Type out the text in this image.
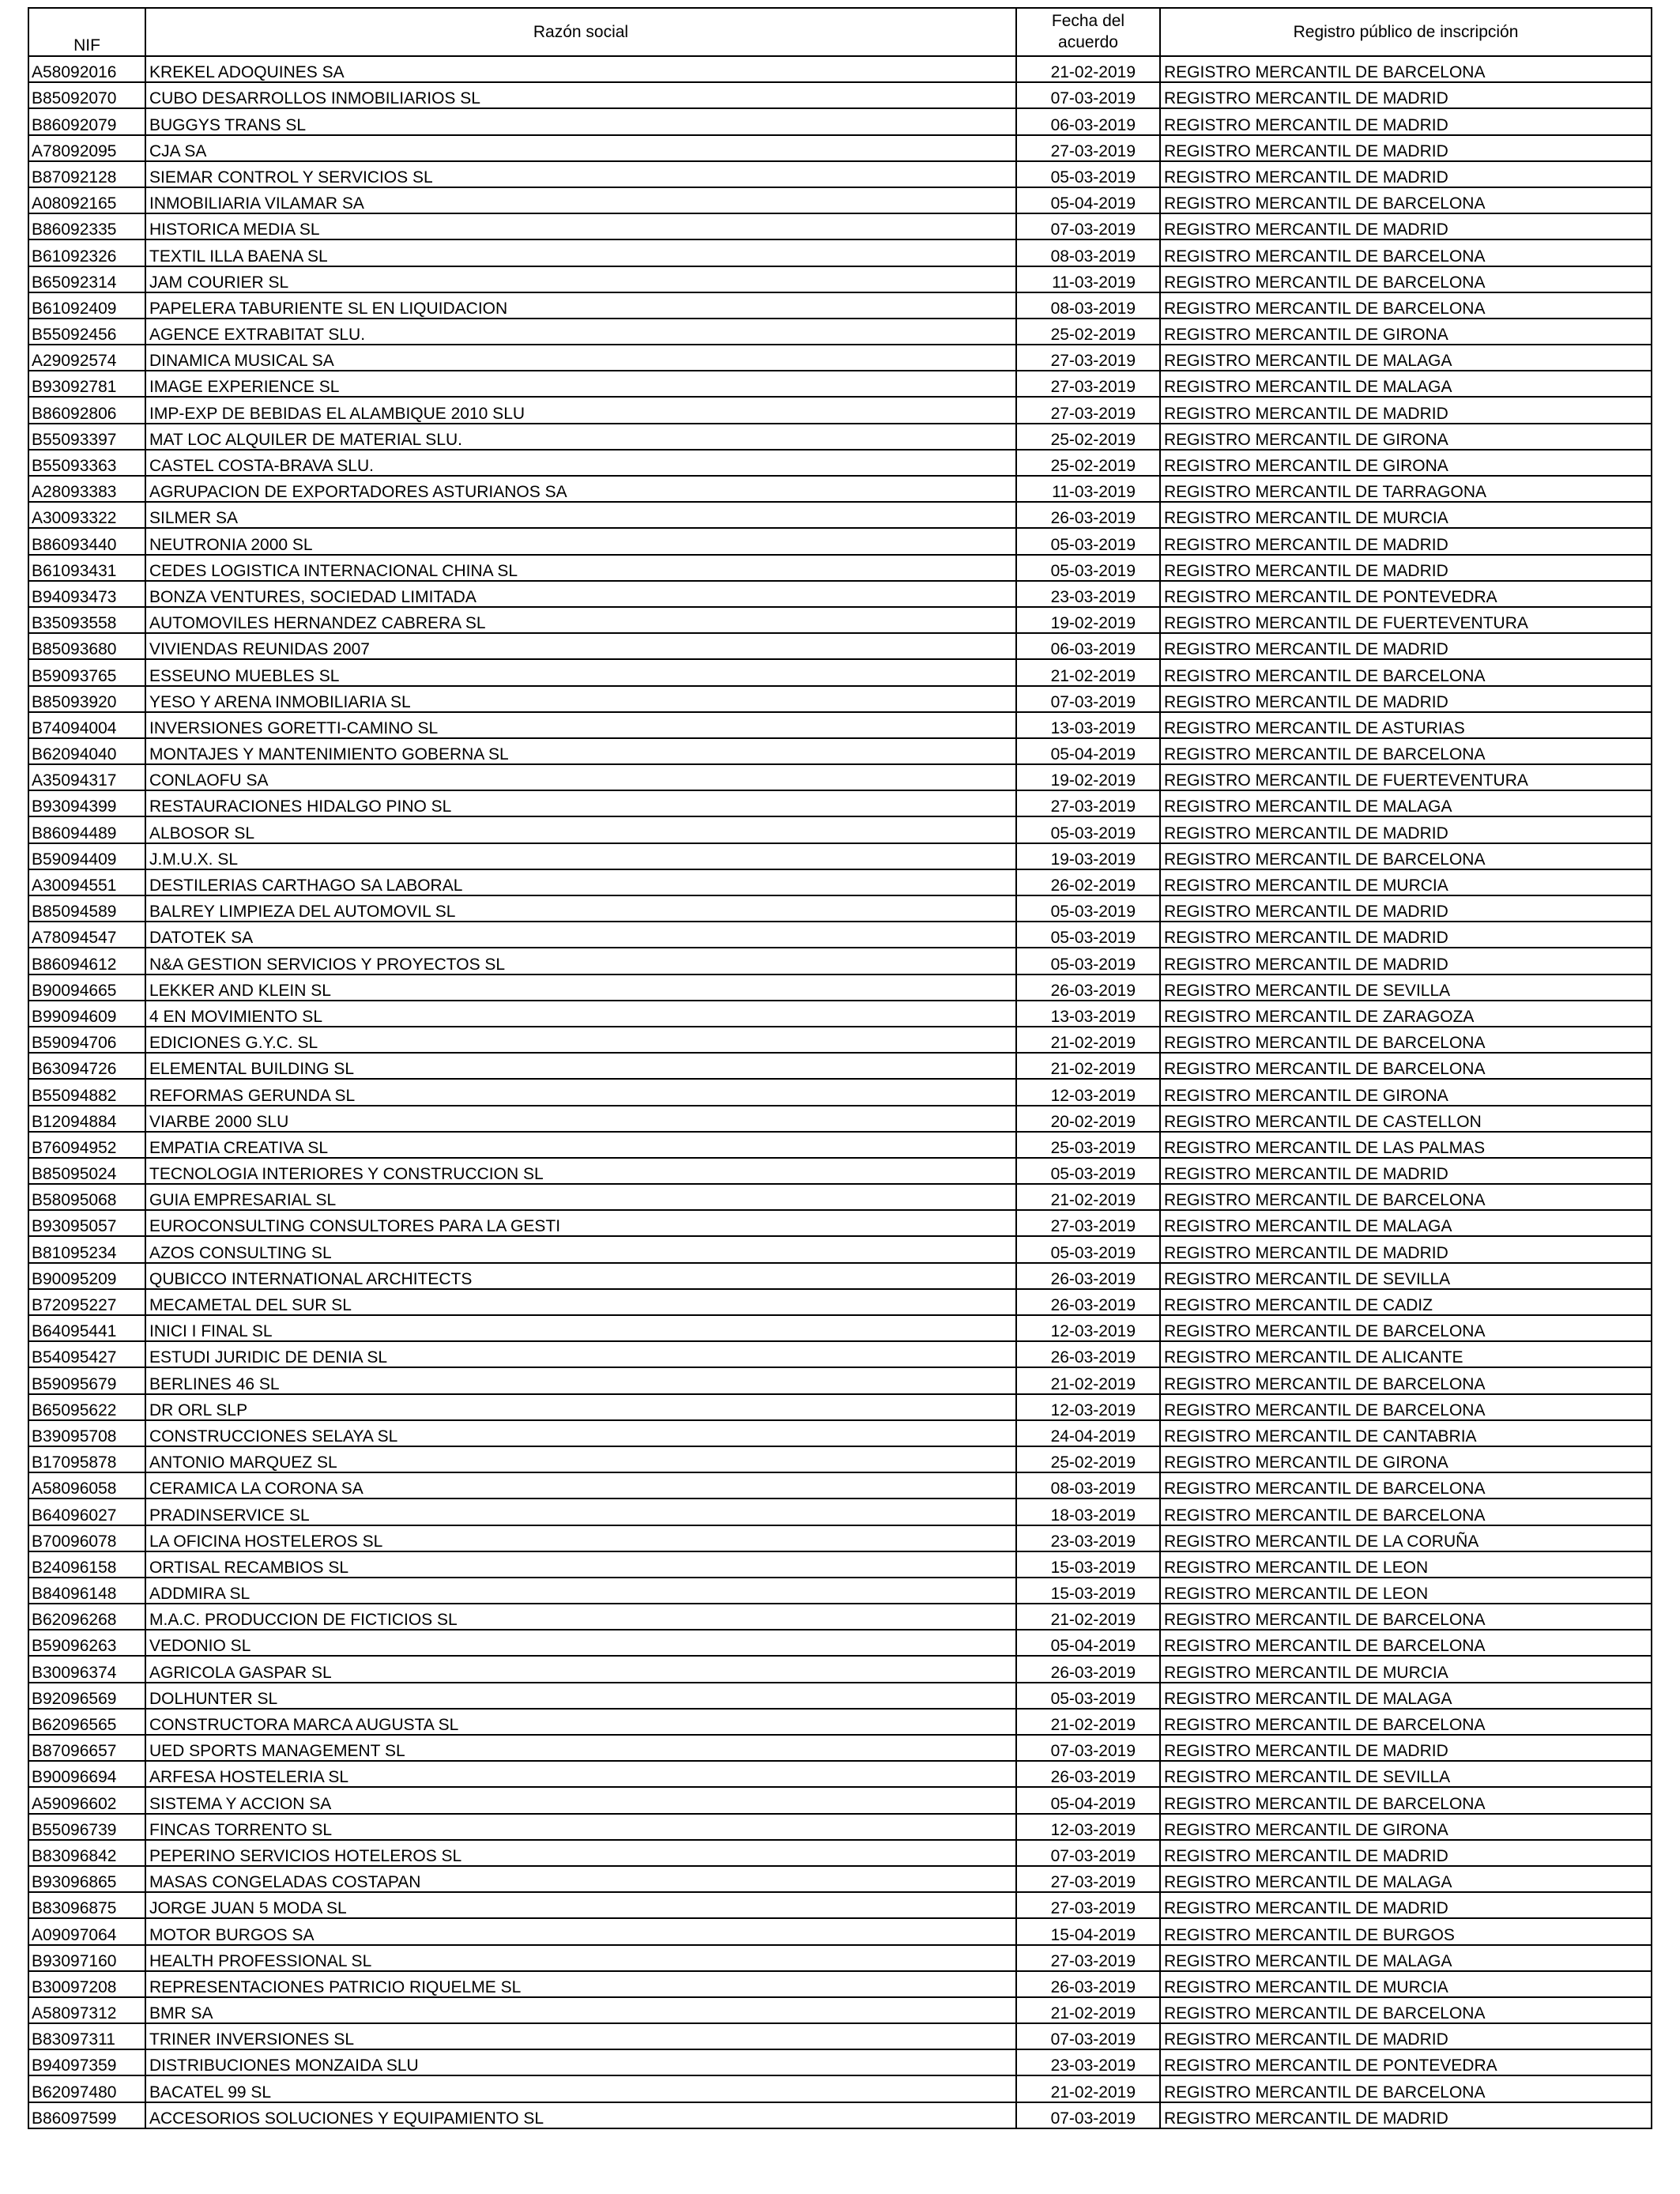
NIF	Razón social	Fecha del acuerdo	Registro público de inscripción
A58092016	KREKEL ADOQUINES SA	21-02-2019	REGISTRO MERCANTIL DE BARCELONA
B85092070	CUBO DESARROLLOS INMOBILIARIOS SL	07-03-2019	REGISTRO MERCANTIL DE MADRID
B86092079	BUGGYS TRANS SL	06-03-2019	REGISTRO MERCANTIL DE MADRID
A78092095	CJA SA	27-03-2019	REGISTRO MERCANTIL DE MADRID
B87092128	SIEMAR CONTROL Y SERVICIOS SL	05-03-2019	REGISTRO MERCANTIL DE MADRID
A08092165	INMOBILIARIA VILAMAR SA	05-04-2019	REGISTRO MERCANTIL DE BARCELONA
B86092335	HISTORICA MEDIA SL	07-03-2019	REGISTRO MERCANTIL DE MADRID
B61092326	TEXTIL ILLA BAENA SL	08-03-2019	REGISTRO MERCANTIL DE BARCELONA
B65092314	JAM COURIER SL	11-03-2019	REGISTRO MERCANTIL DE BARCELONA
B61092409	PAPELERA TABURIENTE SL EN LIQUIDACION	08-03-2019	REGISTRO MERCANTIL DE BARCELONA
B55092456	AGENCE EXTRABITAT SLU.	25-02-2019	REGISTRO MERCANTIL DE GIRONA
A29092574	DINAMICA MUSICAL SA	27-03-2019	REGISTRO MERCANTIL DE MALAGA
B93092781	IMAGE EXPERIENCE SL	27-03-2019	REGISTRO MERCANTIL DE MALAGA
B86092806	IMP-EXP DE BEBIDAS EL ALAMBIQUE 2010 SLU	27-03-2019	REGISTRO MERCANTIL DE MADRID
B55093397	MAT LOC ALQUILER DE MATERIAL SLU.	25-02-2019	REGISTRO MERCANTIL DE GIRONA
B55093363	CASTEL COSTA-BRAVA SLU.	25-02-2019	REGISTRO MERCANTIL DE GIRONA
A28093383	AGRUPACION DE EXPORTADORES ASTURIANOS SA	11-03-2019	REGISTRO MERCANTIL DE TARRAGONA
A30093322	SILMER SA	26-03-2019	REGISTRO MERCANTIL DE MURCIA
B86093440	NEUTRONIA 2000 SL	05-03-2019	REGISTRO MERCANTIL DE MADRID
B61093431	CEDES LOGISTICA INTERNACIONAL CHINA SL	05-03-2019	REGISTRO MERCANTIL DE MADRID
B94093473	BONZA VENTURES, SOCIEDAD LIMITADA	23-03-2019	REGISTRO MERCANTIL DE PONTEVEDRA
B35093558	AUTOMOVILES HERNANDEZ CABRERA SL	19-02-2019	REGISTRO MERCANTIL DE FUERTEVENTURA
B85093680	VIVIENDAS REUNIDAS 2007	06-03-2019	REGISTRO MERCANTIL DE MADRID
B59093765	ESSEUNO MUEBLES SL	21-02-2019	REGISTRO MERCANTIL DE BARCELONA
B85093920	YESO Y ARENA INMOBILIARIA SL	07-03-2019	REGISTRO MERCANTIL DE MADRID
B74094004	INVERSIONES GORETTI-CAMINO SL	13-03-2019	REGISTRO MERCANTIL DE ASTURIAS
B62094040	MONTAJES Y MANTENIMIENTO GOBERNA SL	05-04-2019	REGISTRO MERCANTIL DE BARCELONA
A35094317	CONLAOFU SA	19-02-2019	REGISTRO MERCANTIL DE FUERTEVENTURA
B93094399	RESTAURACIONES HIDALGO PINO SL	27-03-2019	REGISTRO MERCANTIL DE MALAGA
B86094489	ALBOSOR SL	05-03-2019	REGISTRO MERCANTIL DE MADRID
B59094409	J.M.U.X. SL	19-03-2019	REGISTRO MERCANTIL DE BARCELONA
A30094551	DESTILERIAS CARTHAGO SA LABORAL	26-02-2019	REGISTRO MERCANTIL DE MURCIA
B85094589	BALREY LIMPIEZA DEL AUTOMOVIL SL	05-03-2019	REGISTRO MERCANTIL DE MADRID
A78094547	DATOTEK SA	05-03-2019	REGISTRO MERCANTIL DE MADRID
B86094612	N&A GESTION SERVICIOS Y PROYECTOS SL	05-03-2019	REGISTRO MERCANTIL DE MADRID
B90094665	LEKKER AND KLEIN SL	26-03-2019	REGISTRO MERCANTIL DE SEVILLA
B99094609	4 EN MOVIMIENTO SL	13-03-2019	REGISTRO MERCANTIL DE ZARAGOZA
B59094706	EDICIONES G.Y.C. SL	21-02-2019	REGISTRO MERCANTIL DE BARCELONA
B63094726	ELEMENTAL BUILDING SL	21-02-2019	REGISTRO MERCANTIL DE BARCELONA
B55094882	REFORMAS GERUNDA SL	12-03-2019	REGISTRO MERCANTIL DE GIRONA
B12094884	VIARBE 2000 SLU	20-02-2019	REGISTRO MERCANTIL DE CASTELLON
B76094952	EMPATIA CREATIVA SL	25-03-2019	REGISTRO MERCANTIL DE LAS PALMAS
B85095024	TECNOLOGIA INTERIORES Y CONSTRUCCION SL	05-03-2019	REGISTRO MERCANTIL DE MADRID
B58095068	GUIA EMPRESARIAL SL	21-02-2019	REGISTRO MERCANTIL DE BARCELONA
B93095057	EUROCONSULTING CONSULTORES PARA LA GESTI	27-03-2019	REGISTRO MERCANTIL DE MALAGA
B81095234	AZOS CONSULTING SL	05-03-2019	REGISTRO MERCANTIL DE MADRID
B90095209	QUBICCO INTERNATIONAL ARCHITECTS	26-03-2019	REGISTRO MERCANTIL DE SEVILLA
B72095227	MECAMETAL DEL SUR SL	26-03-2019	REGISTRO MERCANTIL DE CADIZ
B64095441	INICI I FINAL SL	12-03-2019	REGISTRO MERCANTIL DE BARCELONA
B54095427	ESTUDI JURIDIC DE DENIA SL	26-03-2019	REGISTRO MERCANTIL DE ALICANTE
B59095679	BERLINES 46 SL	21-02-2019	REGISTRO MERCANTIL DE BARCELONA
B65095622	DR ORL SLP	12-03-2019	REGISTRO MERCANTIL DE BARCELONA
B39095708	CONSTRUCCIONES SELAYA SL	24-04-2019	REGISTRO MERCANTIL DE CANTABRIA
B17095878	ANTONIO MARQUEZ SL	25-02-2019	REGISTRO MERCANTIL DE GIRONA
A58096058	CERAMICA LA CORONA SA	08-03-2019	REGISTRO MERCANTIL DE BARCELONA
B64096027	PRADINSERVICE SL	18-03-2019	REGISTRO MERCANTIL DE BARCELONA
B70096078	LA OFICINA HOSTELEROS SL	23-03-2019	REGISTRO MERCANTIL DE LA CORUÑA
B24096158	ORTISAL RECAMBIOS SL	15-03-2019	REGISTRO MERCANTIL DE LEON
B84096148	ADDMIRA SL	15-03-2019	REGISTRO MERCANTIL DE LEON
B62096268	M.A.C. PRODUCCION DE FICTICIOS SL	21-02-2019	REGISTRO MERCANTIL DE BARCELONA
B59096263	VEDONIO SL	05-04-2019	REGISTRO MERCANTIL DE BARCELONA
B30096374	AGRICOLA GASPAR SL	26-03-2019	REGISTRO MERCANTIL DE MURCIA
B92096569	DOLHUNTER SL	05-03-2019	REGISTRO MERCANTIL DE MALAGA
B62096565	CONSTRUCTORA MARCA AUGUSTA SL	21-02-2019	REGISTRO MERCANTIL DE BARCELONA
B87096657	UED SPORTS MANAGEMENT SL	07-03-2019	REGISTRO MERCANTIL DE MADRID
B90096694	ARFESA HOSTELERIA SL	26-03-2019	REGISTRO MERCANTIL DE SEVILLA
A59096602	SISTEMA Y ACCION SA	05-04-2019	REGISTRO MERCANTIL DE BARCELONA
B55096739	FINCAS TORRENTO SL	12-03-2019	REGISTRO MERCANTIL DE GIRONA
B83096842	PEPERINO SERVICIOS HOTELEROS SL	07-03-2019	REGISTRO MERCANTIL DE MADRID
B93096865	MASAS CONGELADAS COSTAPAN	27-03-2019	REGISTRO MERCANTIL DE MALAGA
B83096875	JORGE JUAN 5 MODA SL	27-03-2019	REGISTRO MERCANTIL DE MADRID
A09097064	MOTOR BURGOS SA	15-04-2019	REGISTRO MERCANTIL DE BURGOS
B93097160	HEALTH PROFESSIONAL SL	27-03-2019	REGISTRO MERCANTIL DE MALAGA
B30097208	REPRESENTACIONES PATRICIO RIQUELME SL	26-03-2019	REGISTRO MERCANTIL DE MURCIA
A58097312	BMR SA	21-02-2019	REGISTRO MERCANTIL DE BARCELONA
B83097311	TRINER INVERSIONES SL	07-03-2019	REGISTRO MERCANTIL DE MADRID
B94097359	DISTRIBUCIONES MONZAIDA SLU	23-03-2019	REGISTRO MERCANTIL DE PONTEVEDRA
B62097480	BACATEL 99 SL	21-02-2019	REGISTRO MERCANTIL DE BARCELONA
B86097599	ACCESORIOS SOLUCIONES Y EQUIPAMIENTO SL	07-03-2019	REGISTRO MERCANTIL DE MADRID
